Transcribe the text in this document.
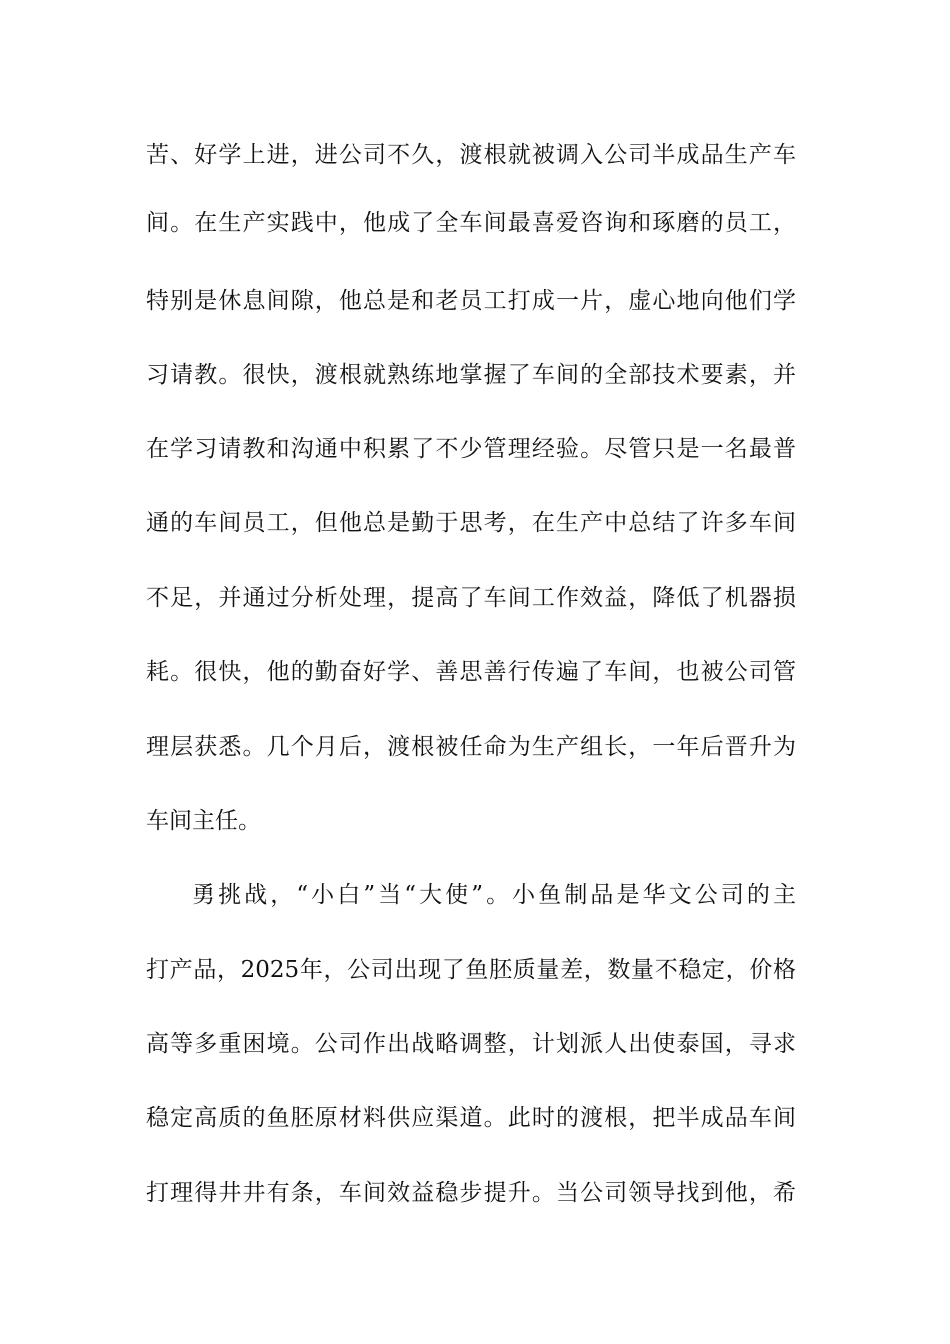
苦、好学上进，进公司不久，渡根就被调入公司半成品生产车
间。在生产实践中，他成了全车间最喜爱咨询和琢磨的员工，
特别是休息间隙，他总是和老员工打成一片，虚心地向他们学
习请教。很快，渡根就熟练地掌握了车间的全部技术要素，并
在学习请教和沟通中积累了不少管理经验。尽管只是一名最普
通的车间员工，但他总是勤于思考，在生产中总结了许多车间
不足，并通过分析处理，提高了车间工作效益，降低了机器损
耗。很快，他的勤奋好学、善思善行传遍了车间，也被公司管
理层获悉。几个月后，渡根被任命为生产组长，一年后晋升为
车间主任。
勇挑战，“小白”当“大使”。小鱼制品是华文公司的主
打产品，2025年，公司出现了鱼胚质量差，数量不稳定，价格
高等多重困境。公司作出战略调整，计划派人出使泰国，寻求
稳定高质的鱼胚原材料供应渠道。此时的渡根，把半成品车间
打理得井井有条，车间效益稳步提升。当公司领导找到他，希
